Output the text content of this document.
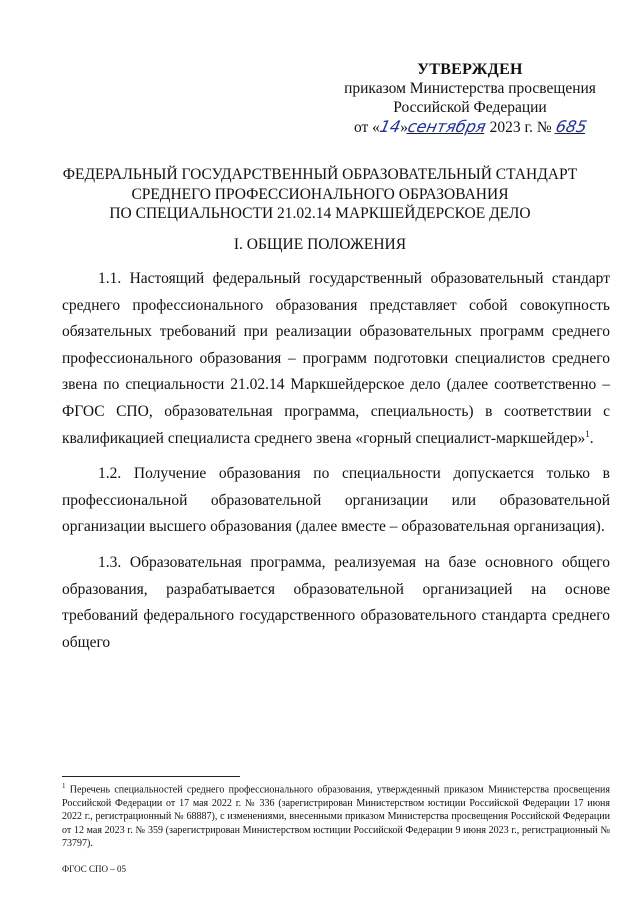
УТВЕРЖДЕН
приказом Министерства просвещения
Российской Федерации
от «14»сентября 2023 г. № 685
ФЕДЕРАЛЬНЫЙ ГОСУДАРСТВЕННЫЙ ОБРАЗОВАТЕЛЬНЫЙ СТАНДАРТ
СРЕДНЕГО ПРОФЕССИОНАЛЬНОГО ОБРАЗОВАНИЯ
ПО СПЕЦИАЛЬНОСТИ 21.02.14 МАРКШЕЙДЕРСКОЕ ДЕЛО
I. ОБЩИЕ ПОЛОЖЕНИЯ

1.1. Настоящий федеральный государственный образовательный стандарт среднего профессионального образования представляет собой совокупность обязательных требований при реализации образовательных программ среднего профессионального образования – программ подготовки специалистов среднего звена по специальности 21.02.14 Маркшейдерское дело (далее соответственно – ФГОС СПО, образовательная программа, специальность) в соответствии с квалификацией специалиста среднего звена «горный специалист-маркшейдер»$^1$.

1.2. Получение образования по специальности допускается только в профессиональной образовательной организации или образовательной организации высшего образования (далее вместе – образовательная организация).

1.3. Образовательная программа, реализуемая на базе основного общего образования, разрабатывается образовательной организацией на основе требований федерального государственного образовательного стандарта среднего общего

$^1$ Перечень специальностей среднего профессионального образования, утвержденный приказом Министерства просвещения Российской Федерации от 17 мая 2022 г. № 336 (зарегистрирован Министерством юстиции Российской Федерации 17 июня 2022 г., регистрационный № 68887), с изменениями, внесенными приказом Министерства просвещения Российской Федерации от 12 мая 2023 г. № 359 (зарегистрирован Министерством юстиции Российской Федерации 9 июня 2023 г., регистрационный № 73797).
ФГОС СПО – 05
